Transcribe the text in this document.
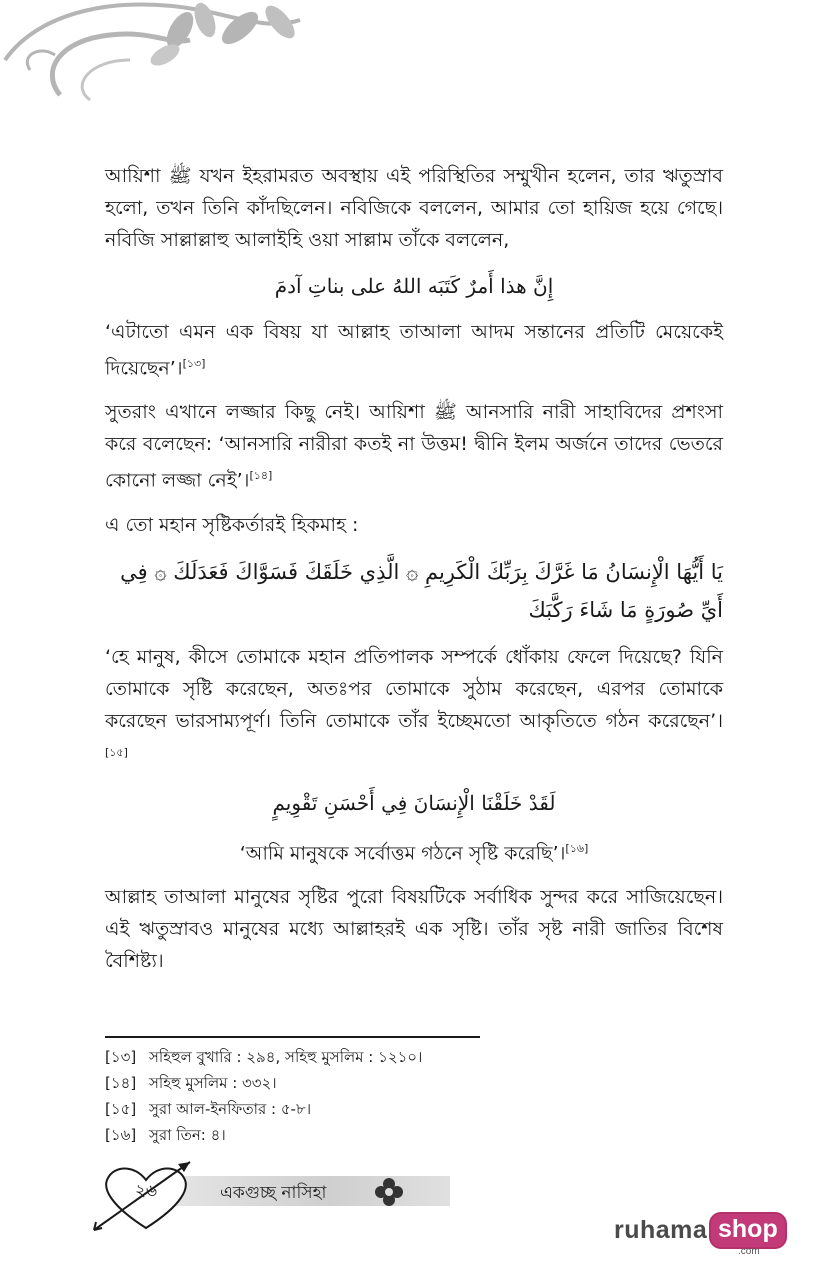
আয়িশা ﷺ যখন ইহরামরত অবস্থায় এই পরিস্থিতির সম্মুখীন হলেন, তার ঋতুস্রাব হলো, তখন তিনি কাঁদছিলেন। নবিজিকে বললেন, আমার তো হায়িজ হয়ে গেছে। নবিজি সাল্লাল্লাহু আলাইহি ওয়া সাল্লাম তাঁকে বললেন,

إِنَّ هذا أَمرٌ كَتَبَه اللهُ على بناتِ آدمَ

‘এটাতো এমন এক বিষয় যা আল্লাহ তাআলা আদম সন্তানের প্রতিটি মেয়েকেই দিয়েছেন’।[১৩]

সুতরাং এখানে লজ্জার কিছু নেই। আয়িশা ﷺ আনসারি নারী সাহাবিদের প্রশংসা করে বলেছেন: ‘আনসারি নারীরা কতই না উত্তম! দ্বীনি ইলম অর্জনে তাদের ভেতরে কোনো লজ্জা নেই’।[১৪]

এ তো মহান সৃষ্টিকর্তারই হিকমাহ :

يَا أَيُّهَا الْإِنسَانُ مَا غَرَّكَ بِرَبِّكَ الْكَرِيمِ ۞ الَّذِي خَلَقَكَ فَسَوَّاكَ فَعَدَلَكَ ۞ فِي أَيِّ صُورَةٍ مَا شَاءَ رَكَّبَكَ

‘হে মানুষ, কীসে তোমাকে মহান প্রতিপালক সম্পর্কে ধোঁকায় ফেলে দিয়েছে? যিনি তোমাকে সৃষ্টি করেছেন, অতঃপর তোমাকে সুঠাম করেছেন, এরপর তোমাকে করেছেন ভারসাম্যপূর্ণ। তিনি তোমাকে তাঁর ইচ্ছেমতো আকৃতিতে গঠন করেছেন’।[১৫]

لَقَدْ خَلَقْنَا الْإِنسَانَ فِي أَحْسَنِ تَقْوِيمٍ

‘আমি মানুষকে সর্বোত্তম গঠনে সৃষ্টি করেছি’।[১৬]

আল্লাহ তাআলা মানুষের সৃষ্টির পুরো বিষয়টিকে সর্বাধিক সুন্দর করে সাজিয়েছেন। এই ঋতুস্রাবও মানুষের মধ্যে আল্লাহরই এক সৃষ্টি। তাঁর সৃষ্ট নারী জাতির বিশেষ বৈশিষ্ট্য।

[১৩] সহিহুল বুখারি : ২৯৪, সহিহু মুসলিম : ১২১০।
[১৪] সহিহু মুসলিম : ৩৩২।
[১৫] সুরা আল-ইনফিতার : ৫-৮।
[১৬] সুরা তিন: ৪।
২৬	একগুচ্ছ নাসিহা
ruhama shop
.com
